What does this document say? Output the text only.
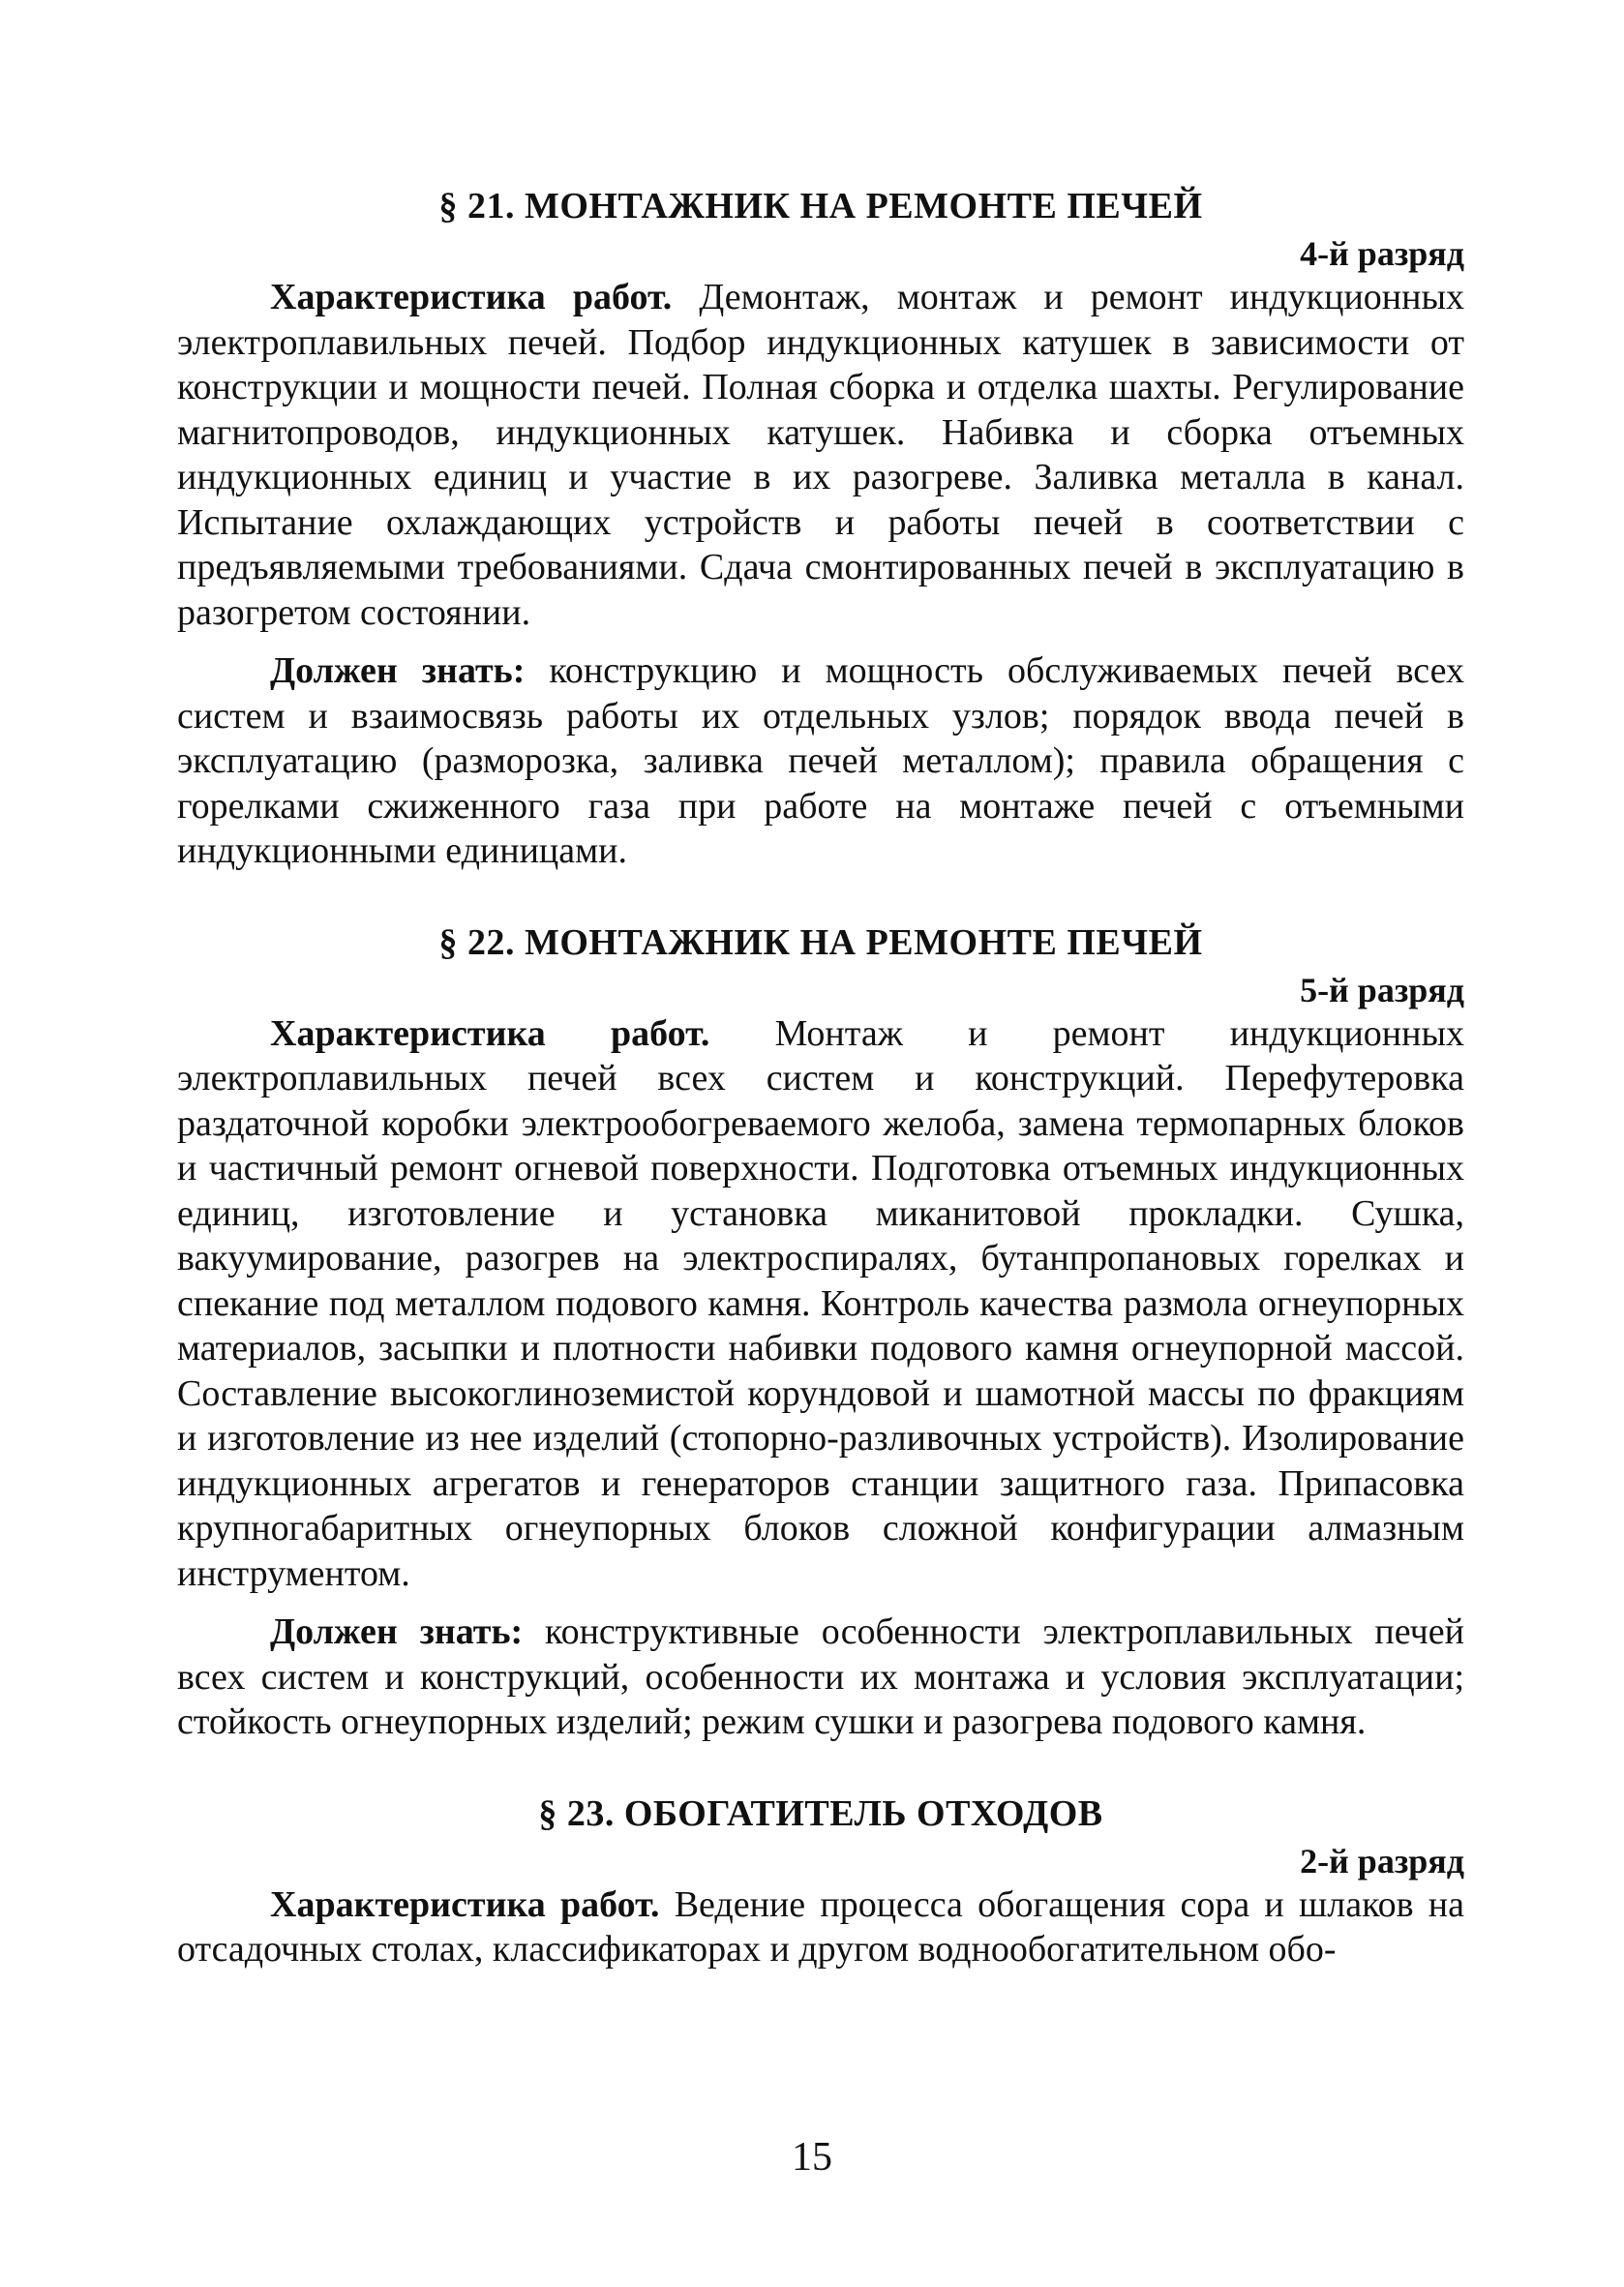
§ 21. МОНТАЖНИК НА РЕМОНТЕ ПЕЧЕЙ

4-й разряд

Характеристика работ. Демонтаж, монтаж и ремонт индукционных электроплавильных печей. Подбор индукционных катушек в зависимости от конструкции и мощности печей. Полная сборка и отделка шахты. Регулирование магнитопроводов, индукционных катушек. Набивка и сборка отъемных индукционных единиц и участие в их разогреве. Заливка металла в канал. Испытание охлаждающих устройств и работы печей в соответствии с предъявляемыми требованиями. Сдача смонтированных печей в эксплуатацию в разогретом состоянии.

Должен знать: конструкцию и мощность обслуживаемых печей всех систем и взаимосвязь работы их отдельных узлов; порядок ввода печей в эксплуатацию (разморозка, заливка печей металлом); правила обращения с горелками сжиженного газа при работе на монтаже печей с отъемными индукционными единицами.

§ 22. МОНТАЖНИК НА РЕМОНТЕ ПЕЧЕЙ

5-й разряд

Характеристика работ. Монтаж и ремонт индукционных электроплавильных печей всех систем и конструкций. Перефутеровка раздаточной коробки электрообогреваемого желоба, замена термопарных блоков и частичный ремонт огневой поверхности. Подготовка отъемных индукционных единиц, изготовление и установка миканитовой прокладки. Сушка, вакуумирование, разогрев на электроспиралях, бутанпропановых горелках и спекание под металлом подового камня. Контроль качества размола огнеупорных материалов, засыпки и плотности набивки подового камня огнеупорной массой. Составление высокоглиноземистой корундовой и шамотной массы по фракциям и изготовление из нее изделий (стопорно-разливочных устройств). Изолирование индукционных агрегатов и генераторов станции защитного газа. Припасовка крупногабаритных огнеупорных блоков сложной конфигурации алмазным инструментом.

Должен знать: конструктивные особенности электроплавильных печей всех систем и конструкций, особенности их монтажа и условия эксплуатации; стойкость огнеупорных изделий; режим сушки и разогрева подового камня.

§ 23. ОБОГАТИТЕЛЬ ОТХОДОВ

2-й разряд

Характеристика работ. Ведение процесса обогащения сора и шлаков на отсадочных столах, классификаторах и другом воднообогатительном обо-

15
